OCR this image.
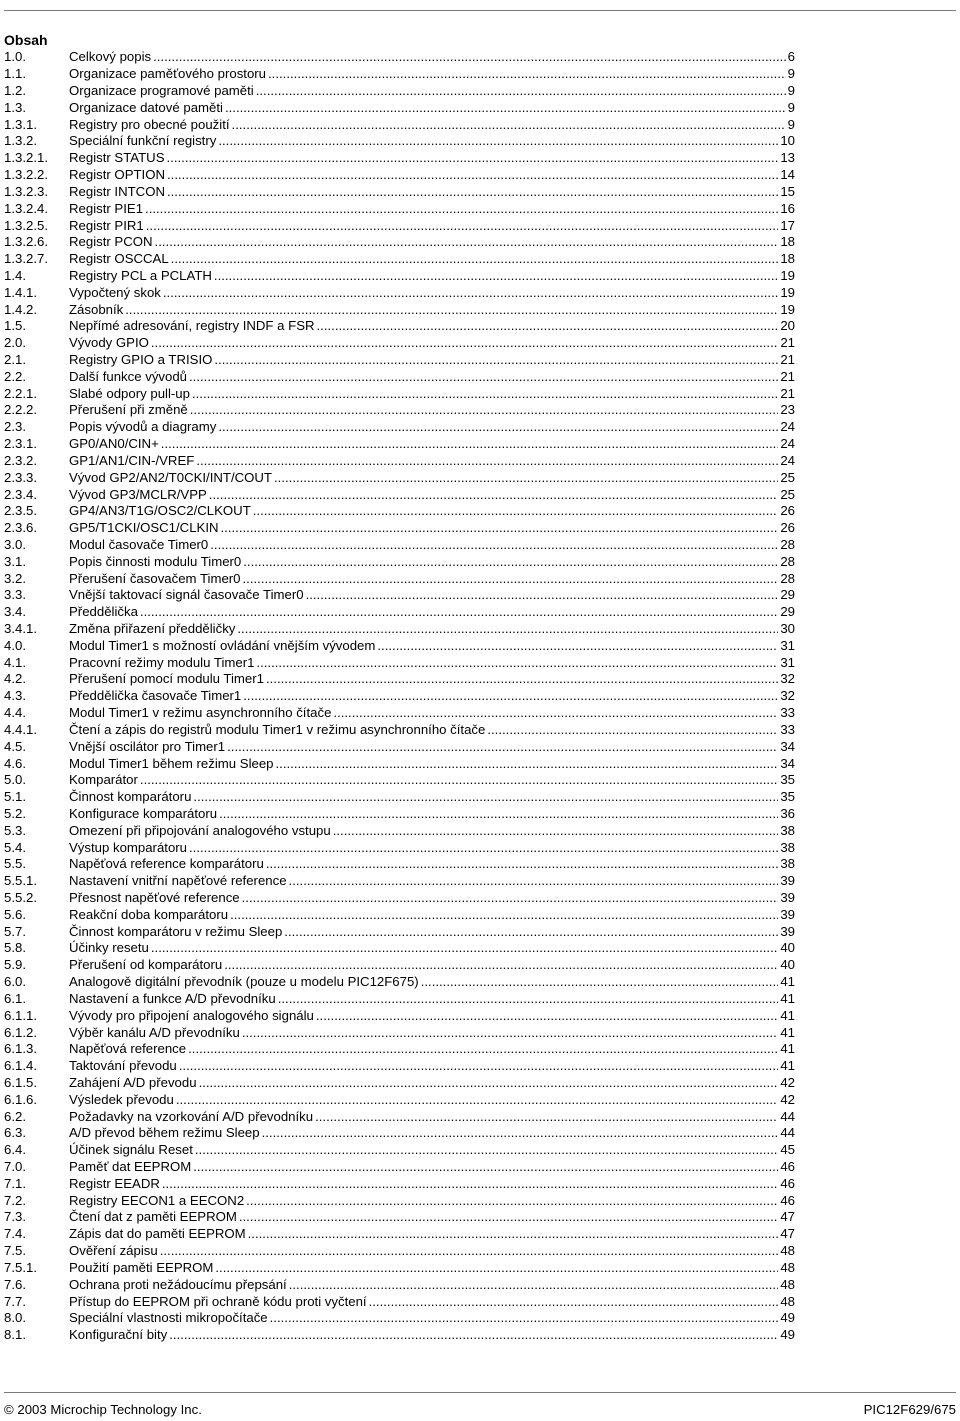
Obsah
1.0.	Celkový popis .....	6
1.1.	Organizace paměťového prostoru .....	9
1.2.	Organizace programové paměti .....	9
1.3.	Organizace datové paměti .....	9
1.3.1.	Registry pro obecné použití .....	9
1.3.2.	Speciální funkční registry .....	10
1.3.2.1.	Registr STATUS .....	13
1.3.2.2.	Registr OPTION .....	14
1.3.2.3.	Registr INTCON .....	15
1.3.2.4.	Registr PIE1 .....	16
1.3.2.5.	Registr PIR1 .....	17
1.3.2.6.	Registr PCON .....	18
1.3.2.7.	Registr OSCCAL .....	18
1.4.	Registry PCL a PCLATH .....	19
1.4.1.	Vypočtený skok .....	19
1.4.2.	Zásobník .....	19
1.5.	Nepřímé adresování, registry INDF a FSR .....	20
2.0.	Vývody GPIO .....	21
2.1.	Registry GPIO a TRISIO .....	21
2.2.	Další funkce vývodů .....	21
2.2.1.	Slabé odpory pull-up .....	21
2.2.2.	Přerušení při změně .....	23
2.3.	Popis vývodů a diagramy .....	24
2.3.1.	GP0/AN0/CIN+ .....	24
2.3.2.	GP1/AN1/CIN-/VREF .....	24
2.3.3.	Vývod GP2/AN2/T0CKI/INT/COUT .....	25
2.3.4.	Vývod GP3/MCLR/VPP .....	25
2.3.5.	GP4/AN3/T1G/OSC2/CLKOUT .....	26
2.3.6.	GP5/T1CKI/OSC1/CLKIN .....	26
3.0.	Modul časovače Timer0 .....	28
3.1.	Popis činnosti modulu Timer0 .....	28
3.2.	Přerušení časovačem Timer0 .....	28
3.3.	Vnější taktovací signál časovače Timer0 .....	29
3.4.	Předdělička .....	29
3.4.1.	Změna přiřazení předděličky .....	30
4.0.	Modul Timer1 s možností ovládání vnějším vývodem .....	31
4.1.	Pracovní režimy modulu Timer1 .....	31
4.2.	Přerušení pomocí modulu Timer1 .....	32
4.3.	Předdělička časovače Timer1 .....	32
4.4.	Modul Timer1 v režimu asynchronního čítače .....	33
4.4.1.	Čtení a zápis do registrů modulu Timer1 v režimu asynchronního čítače .....	33
4.5.	Vnější oscilátor pro Timer1 .....	34
4.6.	Modul Timer1 během režimu Sleep .....	34
5.0.	Komparátor .....	35
5.1.	Činnost komparátoru .....	35
5.2.	Konfigurace komparátoru .....	36
5.3.	Omezení při připojování analogového vstupu .....	38
5.4.	Výstup komparátoru .....	38
5.5.	Napěťová reference komparátoru .....	38
5.5.1.	Nastavení vnitřní napěťové reference .....	39
5.5.2.	Přesnost napěťové reference .....	39
5.6.	Reakční doba komparátoru .....	39
5.7.	Činnost komparátoru v režimu Sleep .....	39
5.8.	Účinky resetu .....	40
5.9.	Přerušení od komparátoru .....	40
6.0.	Analogově digitální převodník (pouze u modelu PIC12F675) .....	41
6.1.	Nastavení a funkce A/D převodníku .....	41
6.1.1.	Vývody pro připojení analogového signálu .....	41
6.1.2.	Výběr kanálu A/D převodníku .....	41
6.1.3.	Napěťová reference .....	41
6.1.4.	Taktování převodu .....	41
6.1.5.	Zahájení A/D převodu .....	42
6.1.6.	Výsledek převodu .....	42
6.2.	Požadavky na vzorkování A/D převodníku .....	44
6.3.	A/D převod během režimu Sleep .....	44
6.4.	Účinek signálu Reset .....	45
7.0.	Paměť dat EEPROM .....	46
7.1.	Registr EEADR .....	46
7.2.	Registry EECON1 a EECON2 .....	46
7.3.	Čtení dat z paměti EEPROM .....	47
7.4.	Zápis dat do paměti EEPROM .....	47
7.5.	Ověření zápisu .....	48
7.5.1.	Použití paměti EEPROM .....	48
7.6.	Ochrana proti nežádoucímu přepsání .....	48
7.7.	Přístup do EEPROM při ochraně kódu proti vyčtení .....	48
8.0.	Speciální vlastnosti mikropočítače .....	49
8.1.	Konfigurační bity .....	49
© 2003 Microchip Technology Inc.	PIC12F629/675
